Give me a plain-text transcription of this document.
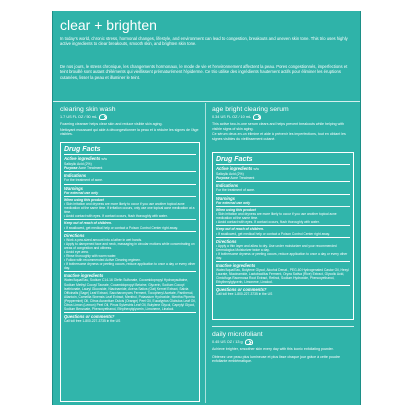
clear + brighten
In today's world, chronic stress, hormonal changes, lifestyle, and environment can lead to congestion, breakouts and uneven skin tone. This trio uses highly active ingredients to clear breakouts, smooth skin, and brighten skin tone.
De nos jours, le stress chronique, les changements hormonaux, le mode de vie et l'environnement affectent la peau. Pores congestionnés, imperfections et teint brouillé sont autant d'éléments qui vieillissent prématurément l'épiderme. Ce trio utilise des ingrédients hautement actifs pour éliminer les éruptions cutanées, lisser la peau et illuminer le teint.
clearing skin wash
1.7 US FL OZ / 50 mL
Foaming cleanser helps clear skin and reduce visible skin aging.
Nettoyant moussant qui aide à décongestionner la peau et à réduire les signes de l'âge visibles.
Drug Facts
Active ingredients w/w
Salicylic Acid (2%)
Purpose Acne Treatment
Indications
For the treatment of acne.
Warnings
For external use only
When using this product
• Skin irritation and dryness are more likely to occur if you use another topical acne medication at the same time. If irritation occurs, only use one topical acne medication at a time.
• Avoid contact with eyes. If contact occurs, flush thoroughly with water.
Keep out of reach of children.
• If swallowed, get medical help or contact a Poison Control Center right away.
Directions
• Work a pea-sized amount into a lather in wet hands.
• Apply to dampened face and neck, massaging in circular motions while concentrating on areas of congestion and oiliness.
• Avoid eye area.
• Rinse thoroughly with warm water.
• Follow with recommended Active Clearing regimen.
• If bothersome dryness or peeling occurs, reduce application to once a day or every other day.
Inactive ingredients
Water/Aqua/Eau, Sodium C14-16 Olefin Sulfonate, Cocamidopropyl Hydroxysultaine, Sodium Methyl Cocoyl Taurate, Cocamidopropyl Betaine, Glycerin, Sodium Cocoyl Isethionate, Lauryl Glucoside, Niacinamide, Avena Sativa (Oat) Kernel Extract, Salvia Officinalis (Sage) Leaf Extract, Saccharomyces Ferment, Tocopheryl Acetate, Panthenol, Allantoin, Camellia Sinensis Leaf Extract, Menthol, Potassium Hydroxide, Mentha Piperita (Peppermint) Oil, Citrus Aurantium Dulcis (Orange) Peel Oil, Eucalyptus Globulus Leaf Oil, Citrus Limon (Lemon) Peel Oil, Pinus Sylvestris Leaf Oil, Butylene Glycol, Caprylyl Glycol, Sodium Benzoate, Phenoxyethanol, Ethylhexylglycerin, Limonene, Linalool.
Questions or comments?
Call toll free 1-800-227-3735 in the US
age bright clearing serum
0.34 US FL OZ / 10 mL
This active two-in-one serum clears and helps prevent breakouts while helping with visible signs of skin aging.
Ce sérum deux-en-un élimine et aide à prévenir les imperfections, tout en ciblant les signes visibles du vieillissement cutané.
Drug Facts
Active ingredients w/w
Salicylic Acid (2%)
Purpose Acne Treatment
Indications
For the treatment of acne.
Warnings
For external use only
When using this product
• Skin irritation and dryness are more likely to occur if you use another topical acne medication at the same time.
• Avoid contact with eyes. If contact occurs, flush thoroughly with water.
Keep out of reach of children.
• If swallowed, get medical help or contact a Poison Control Center right away.
Directions
• Apply a thin layer and allow to dry. Use under moisturizer and your recommended Dermalogica Moisturizer twice a day.
• If bothersome dryness or peeling occurs, reduce application to once a day or every other day.
Inactive ingredients
Water/Aqua/Eau, Butylene Glycol, Alcohol Denat., PEG-60 Hydrogenated Castor Oil, Hexyl Laurate, Niacinamide, Lactobacillus Ferment, Oryza Sativa (Rice) Extract, Glycolic Acid, Cimicifuga Racemosa Root Extract, Retinol, Sodium Hydroxide, Phenoxyethanol, Ethylhexylglycerin, Limonene, Linalool.
Questions or comments?
Call toll free 1-800-227-3735 in the US
daily microfoliant
0.45 US OZ / 13 g
Achieve brighter, smoother skin every day with this iconic exfoliating powder.
Obtenez une peau plus lumineuse et plus lisse chaque jour grâce à cette poudre exfoliante emblématique.
